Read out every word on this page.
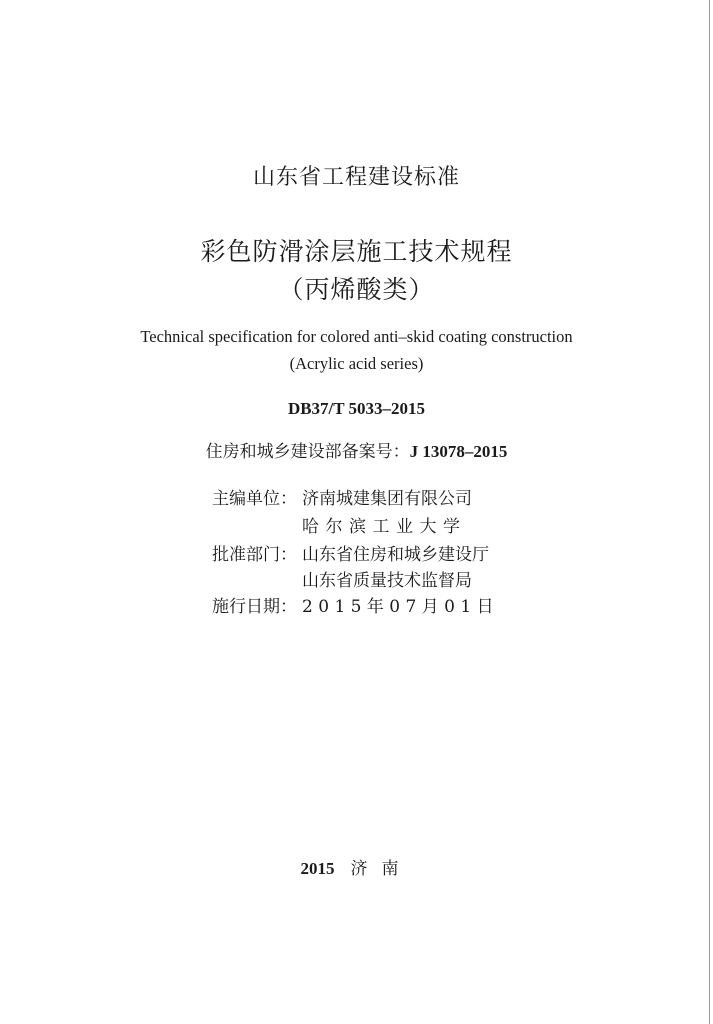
山东省工程建设标准
彩色防滑涂层施工技术规程
（丙烯酸类）
Technical specification for colored anti–skid coating construction
(Acrylic acid series)
DB37/T 5033–2015
住房和城乡建设部备案号：J 13078–2015
主编单位： 济南城建集团有限公司
哈尔滨工业大学
批准部门： 山东省住房和城乡建设厅
山东省质量技术监督局
施行日期： 2 0 1 5 年 0 7 月 0 1 日
2015 济南
